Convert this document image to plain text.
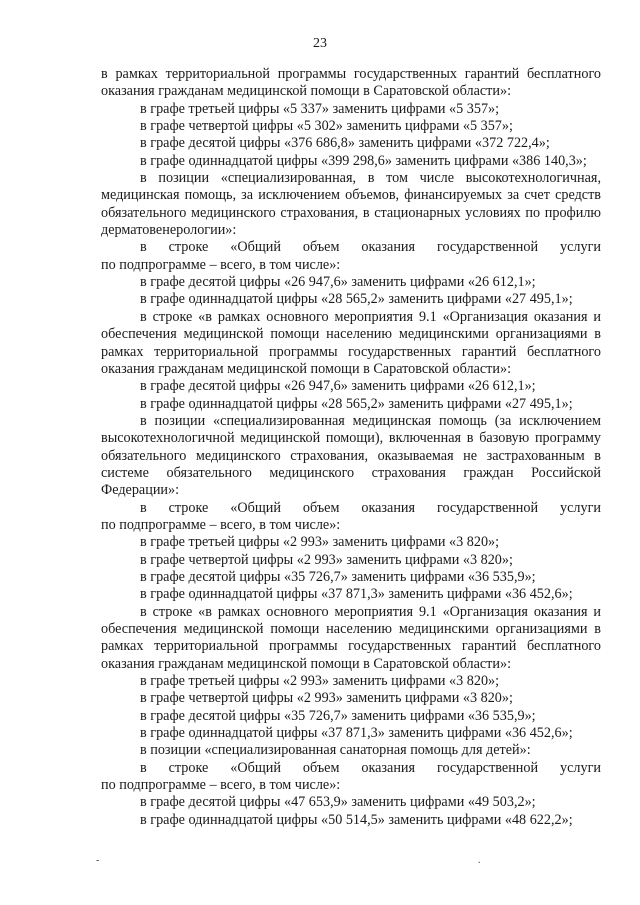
23

в рамках территориальной программы государственных гарантий бесплатного оказания гражданам медицинской помощи в Саратовской области»:

в графе третьей цифры «5 337» заменить цифрами «5 357»;

в графе четвертой цифры «5 302» заменить цифрами «5 357»;

в графе десятой цифры «376 686,8» заменить цифрами «372 722,4»;

в графе одиннадцатой цифры «399 298,6» заменить цифрами «386 140,3»;

в позиции «специализированная, в том числе высокотехнологичная, медицинская помощь, за исключением объемов, финансируемых за счет средств обязательного медицинского страхования, в стационарных условиях по профилю дерматовенерологии»:

в строке «Общий объем оказания государственной услуги

по подпрограмме – всего, в том числе»:

в графе десятой цифры «26 947,6» заменить цифрами «26 612,1»;

в графе одиннадцатой цифры «28 565,2» заменить цифрами «27 495,1»;

в строке «в рамках основного мероприятия 9.1 «Организация оказания и обеспечения медицинской помощи населению медицинскими организациями в рамках территориальной программы государственных гарантий бесплатного оказания гражданам медицинской помощи в Саратовской области»:

в графе десятой цифры «26 947,6» заменить цифрами «26 612,1»;

в графе одиннадцатой цифры «28 565,2» заменить цифрами «27 495,1»;

в позиции «специализированная медицинская помощь (за исключением высокотехнологичной медицинской помощи), включенная в базовую программу обязательного медицинского страхования, оказываемая не застрахованным в системе обязательного медицинского страхования граждан Российской Федерации»:

в строке «Общий объем оказания государственной услуги

по подпрограмме – всего, в том числе»:

в графе третьей цифры «2 993» заменить цифрами «3 820»;

в графе четвертой цифры «2 993» заменить цифрами «3 820»;

в графе десятой цифры «35 726,7» заменить цифрами «36 535,9»;

в графе одиннадцатой цифры «37 871,3» заменить цифрами «36 452,6»;

в строке «в рамках основного мероприятия 9.1 «Организация оказания и обеспечения медицинской помощи населению медицинскими организациями в рамках территориальной программы государственных гарантий бесплатного оказания гражданам медицинской помощи в Саратовской области»:

в графе третьей цифры «2 993» заменить цифрами «3 820»;

в графе четвертой цифры «2 993» заменить цифрами «3 820»;

в графе десятой цифры «35 726,7» заменить цифрами «36 535,9»;

в графе одиннадцатой цифры «37 871,3» заменить цифрами «36 452,6»;

в позиции «специализированная санаторная помощь для детей»:

в строке «Общий объем оказания государственной услуги

по подпрограмме – всего, в том числе»:

в графе десятой цифры «47 653,9» заменить цифрами «49 503,2»;

в графе одиннадцатой цифры «50 514,5» заменить цифрами «48 622,2»;

-	.
